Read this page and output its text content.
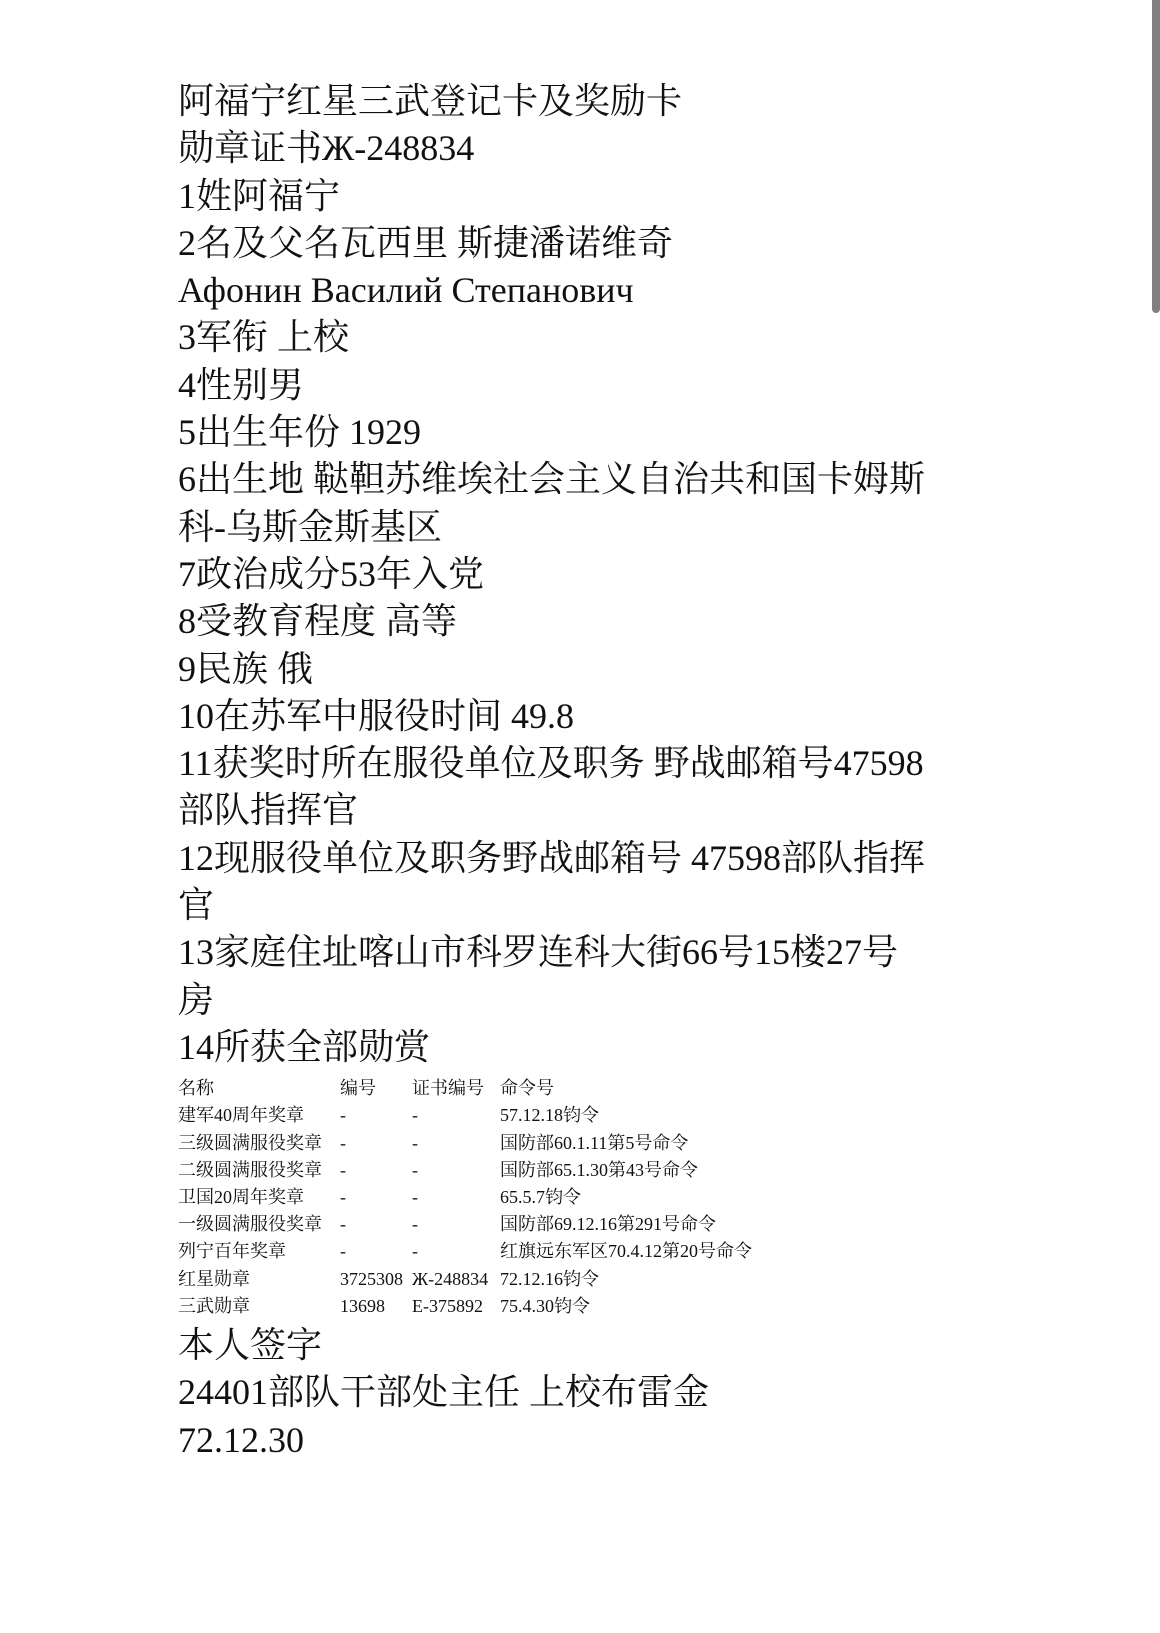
阿福宁红星三武登记卡及奖励卡
勋章证书Ж-248834
1姓阿福宁
2名及父名瓦西里 斯捷潘诺维奇
Афонин Василий Степанович
3军衔 上校
4性别男
5出生年份 1929
6出生地 鞑靼苏维埃社会主义自治共和国卡姆斯
科-乌斯金斯基区
7政治成分53年入党
8受教育程度 高等
9民族 俄
10在苏军中服役时间 49.8
11获奖时所在服役单位及职务 野战邮箱号47598
部队指挥官
12现服役单位及职务野战邮箱号 47598部队指挥
官
13家庭住址喀山市科罗连科大街66号15楼27号
房
14所获全部勋赏
名称	编号	证书编号	命令号
建军40周年奖章	-	-	57.12.18钧令
三级圆满服役奖章	-	-	国防部60.1.11第5号命令
二级圆满服役奖章	-	-	国防部65.1.30第43号命令
卫国20周年奖章	-	-	65.5.7钧令
一级圆满服役奖章	-	-	国防部69.12.16第291号命令
列宁百年奖章	-	-	红旗远东军区70.4.12第20号命令
红星勋章	3725308	Ж-248834	72.12.16钧令
三武勋章	13698	E-375892	75.4.30钧令
本人签字
24401部队干部处主任 上校布雷金
72.12.30
